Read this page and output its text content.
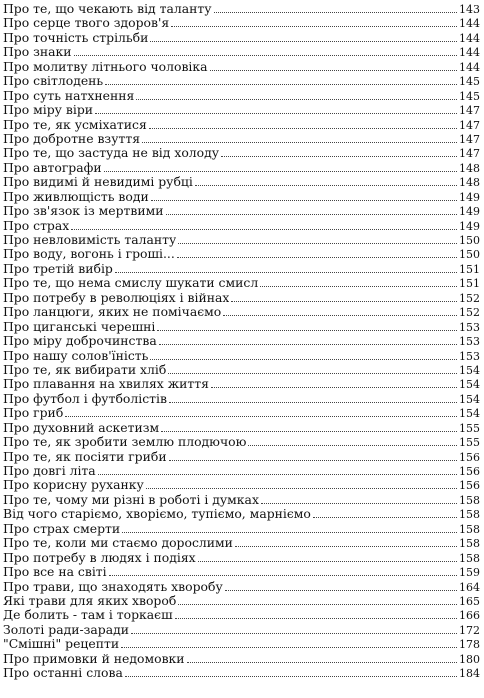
Про те, що чекають від таланту	143
Про серце твого здоров'я	144
Про точність стрільби	144
Про знаки	144
Про молитву літнього чоловіка	144
Про світлодень	145
Про суть натхнення	145
Про міру віри	147
Про те, як усміхатися	147
Про добротне взуття	147
Про те, що застуда не від холоду	147
Про автографи	148
Про видимі й невидимі рубці	148
Про живлющість води	149
Про зв'язок із мертвими	149
Про страх	149
Про невловимість таланту	150
Про воду, вогонь і гроші...	150
Про третій вибір	151
Про те, що нема смислу шукати смисл	151
Про потребу в революціях і війнах	152
Про ланцюги, яких не помічаємо	152
Про циганські черешні	153
Про міру доброчинства	153
Про нашу солов'їність	153
Про те, як вибирати хліб	154
Про плавання на хвилях життя	154
Про футбол і футболістів	154
Про гриб	154
Про духовний аскетизм	155
Про те, як зробити землю плодючою	155
Про те, як посіяти гриби	156
Про довгі літа	156
Про корисну руханку	156
Про те, чому ми різні в роботі і думках	158
Від чого старіємо, хворіємо, тупіємо, марніємо	158
Про страх смерти	158
Про те, коли ми стаємо дорослими	158
Про потребу в людях і подіях	158
Про все на світі	159
Про трави, що знаходять хворобу	164
Які трави для яких хвороб	165
Де болить - там і торкаєш	166
Золоті ради-заради	172
"Смішні" рецепти	178
Про примовки й недомовки	180
Про останні слова	184
